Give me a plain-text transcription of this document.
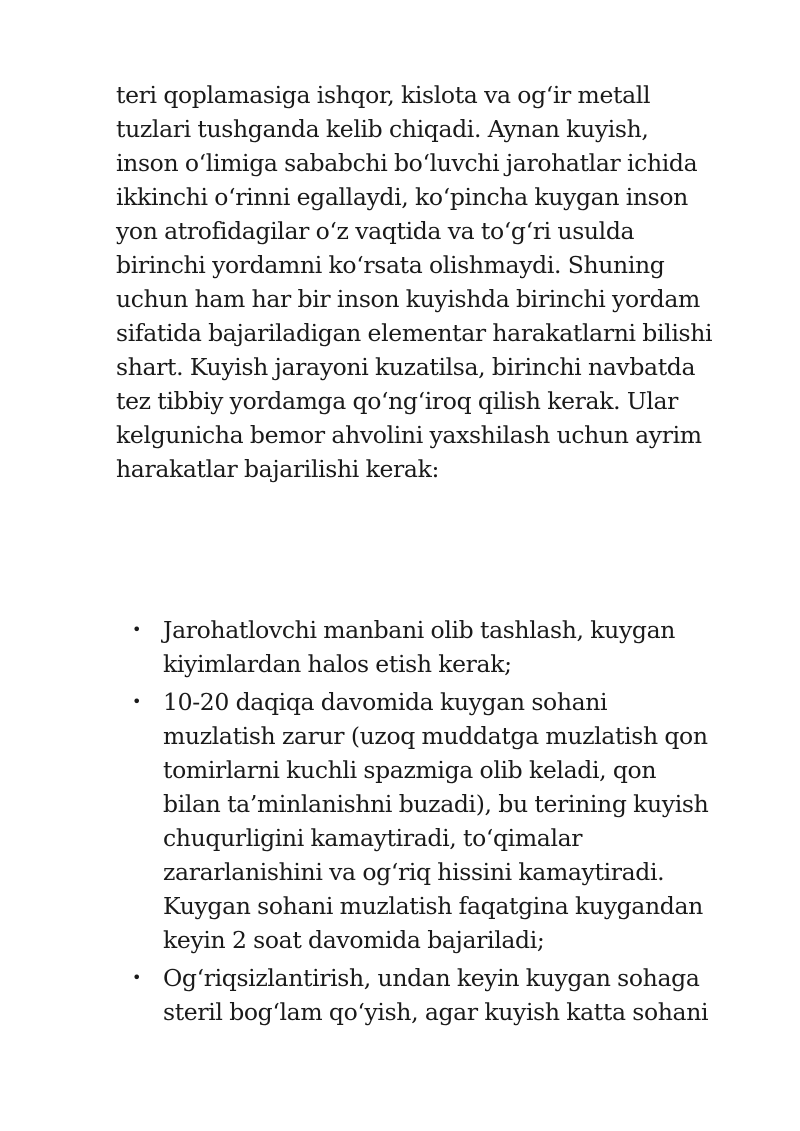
teri qoplamasiga ishqor, kislota va og‘ir metall
tuzlari tushganda kelib chiqadi. Aynan kuyish,
inson o‘limiga sababchi bo‘luvchi jarohatlar ichida
ikkinchi o‘rinni egallaydi, ko‘pincha kuygan inson
yon atrofidagilar o‘z vaqtida va to‘g‘ri usulda
birinchi yordamni ko‘rsata olishmaydi. Shuning
uchun ham har bir inson kuyishda birinchi yordam
sifatida bajariladigan elementar harakatlarni bilishi
shart. Kuyish jarayoni kuzatilsa, birinchi navbatda
tez tibbiy yordamga qo‘ng‘iroq qilish kerak. Ular
kelgunicha bemor ahvolini yaxshilash uchun ayrim
harakatlar bajarilishi kerak:
• Jarohatlovchi manbani olib tashlash, kuygan
kiyimlardan halos etish kerak;
• 10-20 daqiqa davomida kuygan sohani
muzlatish zarur (uzoq muddatga muzlatish qon
tomirlarni kuchli spazmiga olib keladi, qon
bilan ta’minlanishni buzadi), bu terining kuyish
chuqurligini kamaytiradi, to‘qimalar
zararlanishini va og‘riq hissini kamaytiradi.
Kuygan sohani muzlatish faqatgina kuygandan
keyin 2 soat davomida bajariladi;
• Og‘riqsizlantirish, undan keyin kuygan sohaga
steril bog‘lam qo‘yish, agar kuyish katta sohani
